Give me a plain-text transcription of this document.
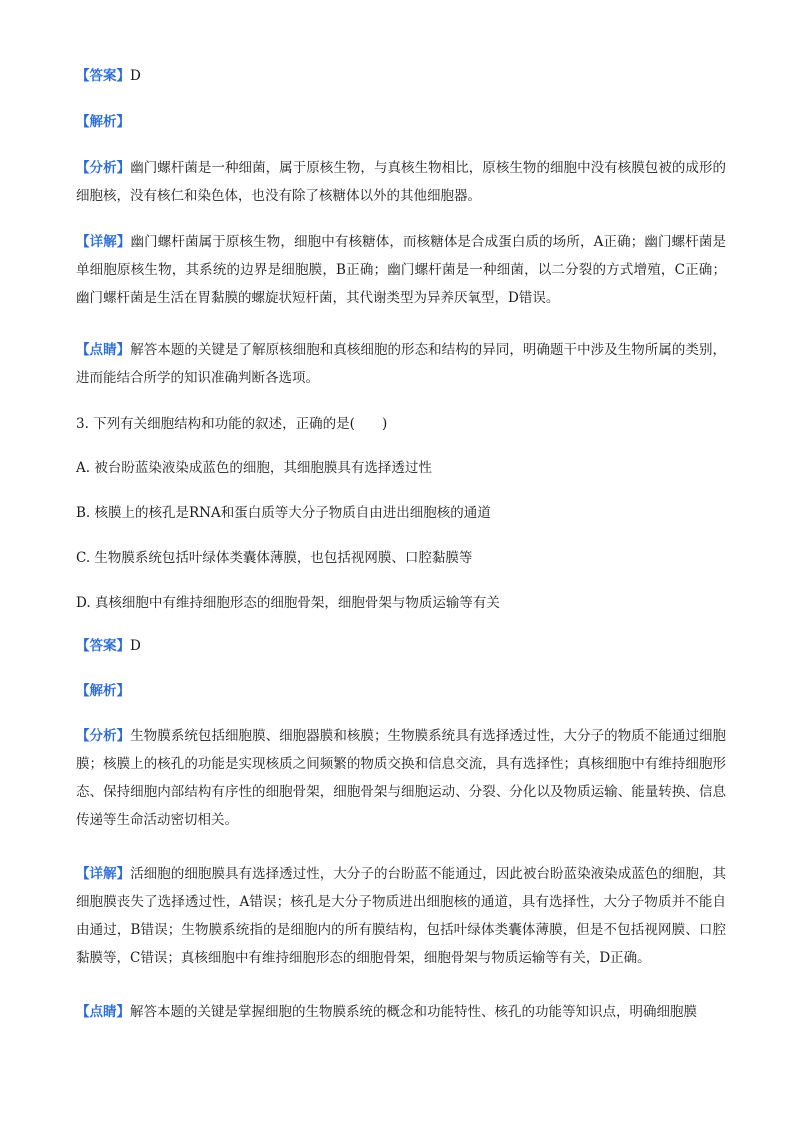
【 答案 】 D

【 解析 】

【 分析 】 幽门螺杆菌是一种细菌，属于原核生物，与真核生物相比，原核生物的细胞中没有核膜包被的成形的细胞核，没有核仁和染色体，也没有除了核糖体以外的其他细胞器。

【 详解 】 幽门螺杆菌属于原核生物，细胞中有核糖体，而核糖体是合成蛋白质的场所，A正确；幽门螺杆菌是单细胞原核生物，其系统的边界是细胞膜，B正确；幽门螺杆菌是一种细菌，以二分裂的方式增殖，C正确；幽门螺杆菌是生活在胃黏膜的螺旋状短杆菌，其代谢类型为异养厌氧型，D错误。

【 点睛 】 解答本题的关键是了解原核细胞和真核细胞的形态和结构的异同，明确题干中涉及生物所属的类别，进而能结合所学的知识准确判断各选项。

3. 下列有关细胞结构和功能的叙述，正确的是(　　)

A. 被台盼蓝染液染成蓝色的细胞，其细胞膜具有选择透过性

B. 核膜上的核孔是RNA和蛋白质等大分子物质自由进出细胞核的通道

C. 生物膜系统包括叶绿体类囊体薄膜，也包括视网膜、口腔黏膜等

D. 真核细胞中有维持细胞形态的细胞骨架，细胞骨架与物质运输等有关

【 答案 】 D

【 解析 】

【 分析 】 生物膜系统包括细胞膜、细胞器膜和核膜；生物膜系统具有选择透过性，大分子的物质不能通过细胞膜；核膜上的核孔的功能是实现核质之间频繁的物质交换和信息交流，具有选择性；真核细胞中有维持细胞形态、保持细胞内部结构有序性的细胞骨架，细胞骨架与细胞运动、分裂、分化以及物质运输、能量转换、信息传递等生命活动密切相关。

【 详解 】 活细胞的细胞膜具有选择透过性，大分子的台盼蓝不能通过，因此被台盼蓝染液染成蓝色的细胞，其细胞膜丧失了选择透过性，A错误；核孔是大分子物质进出细胞核的通道，具有选择性，大分子物质并不能自由通过，B错误；生物膜系统指的是细胞内的所有膜结构，包括叶绿体类囊体薄膜，但是不包括视网膜、口腔黏膜等，C错误；真核细胞中有维持细胞形态的细胞骨架，细胞骨架与物质运输等有关，D正确。

【 点睛 】 解答本题的关键是掌握细胞的生物膜系统的概念和功能特性、核孔的功能等知识点，明确细胞膜
